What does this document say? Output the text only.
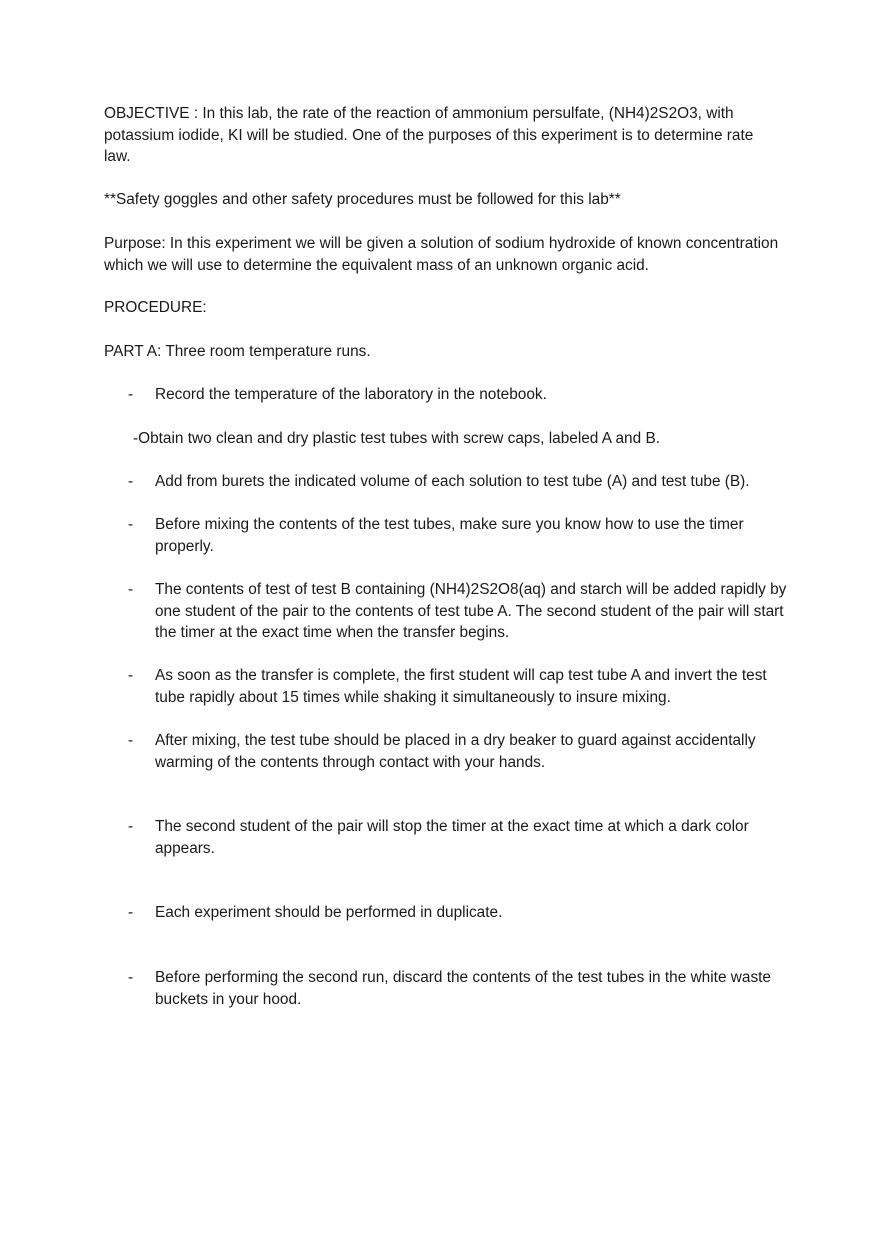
OBJECTIVE : In this lab, the rate of the reaction of ammonium persulfate, (NH4)2S2O3, with potassium iodide, KI will be studied. One of the purposes of this experiment is to determine rate law.

**Safety goggles and other safety procedures must be followed for this lab**

Purpose: In this experiment we will be given a solution of sodium hydroxide of known concentration which we will use to determine the equivalent mass of an unknown organic acid.

PROCEDURE:

PART A: Three room temperature runs.

-	Record the temperature of the laboratory in the notebook.
-Obtain two clean and dry plastic test tubes with screw caps, labeled A and B.
-	Add from burets the indicated volume of each solution to test tube (A) and test tube (B).
-	Before mixing the contents of the test tubes, make sure you know how to use the timer properly.
-	The contents of test of test B containing (NH4)2S2O8(aq) and starch will be added rapidly by one student of the pair to the contents of test tube A. The second student of the pair will start the timer at the exact time when the transfer begins.
-	As soon as the transfer is complete, the first student will cap test tube A and invert the test tube rapidly about 15 times while shaking it simultaneously to insure mixing.
-	After mixing, the test tube should be placed in a dry beaker to guard against accidentally warming of the contents through contact with your hands.
-	The second student of the pair will stop the timer at the exact time at which a dark color appears.
-	Each experiment should be performed in duplicate.
-	Before performing the second run, discard the contents of the test tubes in the white waste buckets in your hood.
